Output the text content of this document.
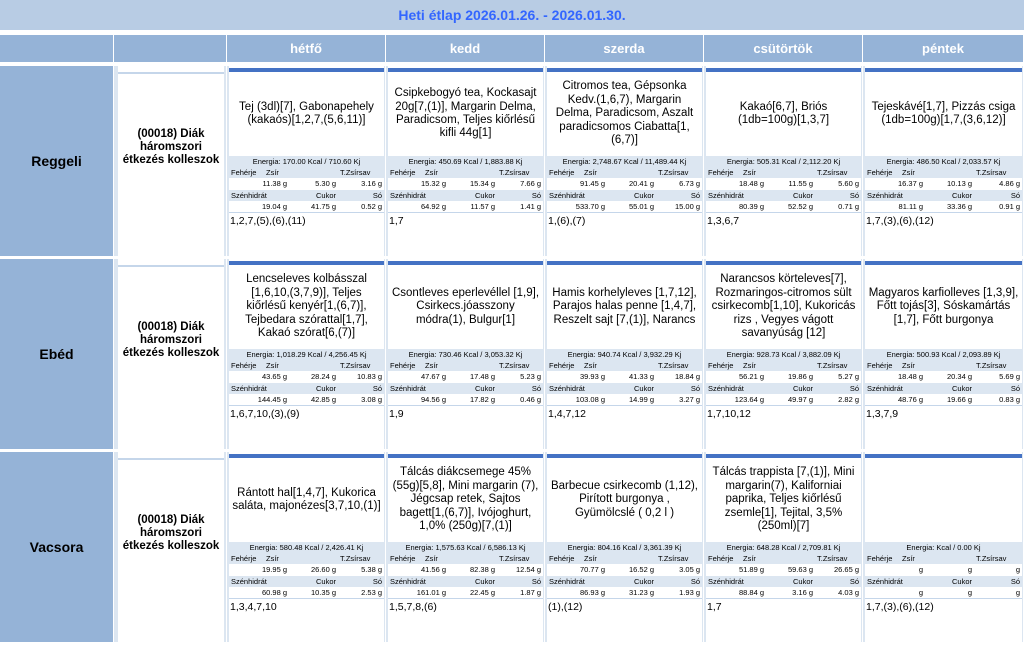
Heti étlap 2026.01.26. - 2026.01.30.
hétfő	kedd	szerda	csütörtök	péntek
Reggeli
(00018) Diák háromszori étkezés kolleszok
Tej (3dl)[7], Gabonapehely (kakaós)[1,2,7,(5,6,11)]
Energia: 170.00 Kcal / 710.60 Kj
Fehérje	Zsír	T.Zsírsav
11.38 g	5.30 g	3.16 g
Szénhidrát	Cukor	Só
19.04 g	41.75 g	0.52 g
1,2,7,(5),(6),(11)
Csipkebogyó tea, Kockasajt 20g[7,(1)], Margarin Delma, Paradicsom, Teljes kiőrlésű kifli 44g[1]
Energia: 450.69 Kcal / 1,883.88 Kj
Fehérje	Zsír	T.Zsírsav
15.32 g	15.34 g	7.66 g
Szénhidrát	Cukor	Só
64.92 g	11.57 g	1.41 g
1,7
Citromos tea, Gépsonka Kedv.(1,6,7), Margarin Delma, Paradicsom, Aszalt paradicsomos Ciabatta[1,(6,7)]
Energia: 2,748.67 Kcal / 11,489.44 Kj
Fehérje	Zsír	T.Zsírsav
91.45 g	20.41 g	6.73 g
Szénhidrát	Cukor	Só
533.70 g	55.01 g	15.00 g
1,(6),(7)
Kakaó[6,7], Briós (1db=100g)[1,3,7]
Energia: 505.31 Kcal / 2,112.20 Kj
Fehérje	Zsír	T.Zsírsav
18.48 g	11.55 g	5.60 g
Szénhidrát	Cukor	Só
80.39 g	52.52 g	0.71 g
1,3,6,7
Tejeskávé[1,7], Pizzás csiga (1db=100g)[1,7,(3,6,12)]
Energia: 486.50 Kcal / 2,033.57 Kj
Fehérje	Zsír	T.Zsírsav
16.37 g	10.13 g	4.86 g
Szénhidrát	Cukor	Só
81.11 g	33.36 g	0.91 g
1,7,(3),(6),(12)
Ebéd
(00018) Diák háromszori étkezés kolleszok
Lencseleves kolbásszal [1,6,10,(3,7,9)], Teljes kiőrlésű kenyér[1,(6,7)], Tejbedara szórattal[1,7], Kakaó szórat[6,(7)]
Energia: 1,018.29 Kcal / 4,256.45 Kj
Fehérje	Zsír	T.Zsírsav
43.65 g	28.24 g	10.83 g
Szénhidrát	Cukor	Só
144.45 g	42.85 g	3.08 g
1,6,7,10,(3),(9)
Csontleves eperlevéllel [1,9], Csirkecs.jóasszony módra(1), Bulgur[1]
Energia: 730.46 Kcal / 3,053.32 Kj
Fehérje	Zsír	T.Zsírsav
47.67 g	17.48 g	5.23 g
Szénhidrát	Cukor	Só
94.56 g	17.82 g	0.46 g
1,9
Hamis korhelyleves [1,7,12], Parajos halas penne [1,4,7], Reszelt sajt [7,(1)], Narancs
Energia: 940.74 Kcal / 3,932.29 Kj
Fehérje	Zsír	T.Zsírsav
39.93 g	41.33 g	18.84 g
Szénhidrát	Cukor	Só
103.08 g	14.99 g	3.27 g
1,4,7,12
Narancsos körteleves[7], Rozmaringos-citromos sült csirkecomb[1,10], Kukoricás rizs , Vegyes vágott savanyúság [12]
Energia: 928.73 Kcal / 3,882.09 Kj
Fehérje	Zsír	T.Zsírsav
56.21 g	19.86 g	5.27 g
Szénhidrát	Cukor	Só
123.64 g	49.97 g	2.82 g
1,7,10,12
Magyaros karfiolleves [1,3,9], Főtt tojás[3], Sóskamártás [1,7], Főtt burgonya
Energia: 500.93 Kcal / 2,093.89 Kj
Fehérje	Zsír	T.Zsírsav
18.48 g	20.34 g	5.69 g
Szénhidrát	Cukor	Só
48.76 g	19.66 g	0.83 g
1,3,7,9
Vacsora
(00018) Diák háromszori étkezés kolleszok
Rántott hal[1,4,7], Kukorica saláta, majonézes[3,7,10,(1)]
Energia: 580.48 Kcal / 2,426.41 Kj
Fehérje	Zsír	T.Zsírsav
19.95 g	26.60 g	5.38 g
Szénhidrát	Cukor	Só
60.98 g	10.35 g	2.53 g
1,3,4,7,10
Tálcás diákcsemege 45% (55g)[5,8], Mini margarin (7), Jégcsap retek, Sajtos bagett[1,(6,7)], Ivójoghurt, 1,0% (250g)[7,(1)]
Energia: 1,575.63 Kcal / 6,586.13 Kj
Fehérje	Zsír	T.Zsírsav
41.56 g	82.38 g	12.54 g
Szénhidrát	Cukor	Só
161.01 g	22.45 g	1.87 g
1,5,7,8,(6)
Barbecue csirkecomb (1,12), Pirított burgonya , Gyümölcslé ( 0,2 l )
Energia: 804.16 Kcal / 3,361.39 Kj
Fehérje	Zsír	T.Zsírsav
70.77 g	16.52 g	3.05 g
Szénhidrát	Cukor	Só
86.93 g	31.23 g	1.93 g
(1),(12)
Tálcás trappista [7,(1)], Mini margarin(7), Kaliforniai paprika, Teljes kiőrlésű zsemle[1], Tejital, 3,5% (250ml)[7]
Energia: 648.28 Kcal / 2,709.81 Kj
Fehérje	Zsír	T.Zsírsav
51.89 g	59.63 g	26.65 g
Szénhidrát	Cukor	Só
88.84 g	3.16 g	4.03 g
1,7
Energia: Kcal / 0.00 Kj
Fehérje	Zsír	T.Zsírsav
g	g	g
Szénhidrát	Cukor	Só
g	g	g
1,7,(3),(6),(12)
